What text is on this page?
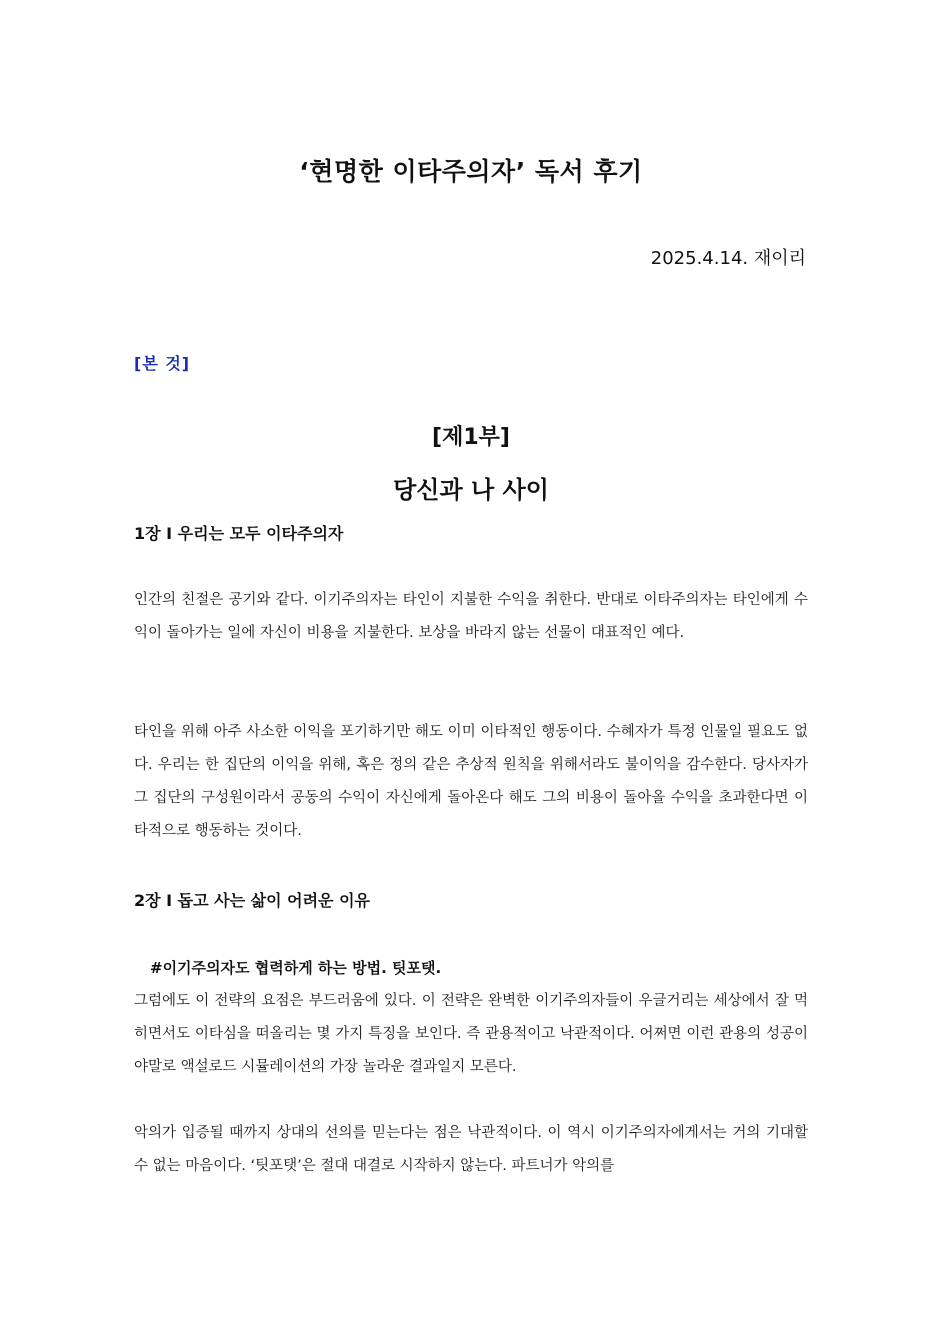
‘현명한 이타주의자’ 독서 후기
2025.4.14. 재이리
[본 것]
[제1부]
당신과 나 사이
1장 I 우리는 모두 이타주의자

인간의 친절은 공기와 같다. 이기주의자는 타인이 지불한 수익을 취한다. 반대로 이타주의자는 타인에게 수익이 돌아가는 일에 자신이 비용을 지불한다. 보상을 바라지 않는 선물이 대표적인 예다.

타인을 위해 아주 사소한 이익을 포기하기만 해도 이미 이타적인 행동이다. 수혜자가 특정 인물일 필요도 없다. 우리는 한 집단의 이익을 위해, 혹은 정의 같은 추상적 원칙을 위해서라도 불이익을 감수한다. 당사자가 그 집단의 구성원이라서 공동의 수익이 자신에게 돌아온다 해도 그의 비용이 돌아올 수익을 초과한다면 이타적으로 행동하는 것이다.

2장 I 돕고 사는 삶이 어려운 이유
#이기주의자도 협력하게 하는 방법. 팃포탯.

그럼에도 이 전략의 요점은 부드러움에 있다. 이 전략은 완벽한 이기주의자들이 우글거리는 세상에서 잘 먹히면서도 이타심을 떠올리는 몇 가지 특징을 보인다. 즉 관용적이고 낙관적이다. 어쩌면 이런 관용의 성공이야말로 액설로드 시뮬레이션의 가장 놀라운 결과일지 모른다.

악의가 입증될 때까지 상대의 선의를 믿는다는 점은 낙관적이다. 이 역시 이기주의자에게서는 거의 기대할 수 없는 마음이다. ‘팃포탯’은 절대 대결로 시작하지 않는다. 파트너가 악의를
